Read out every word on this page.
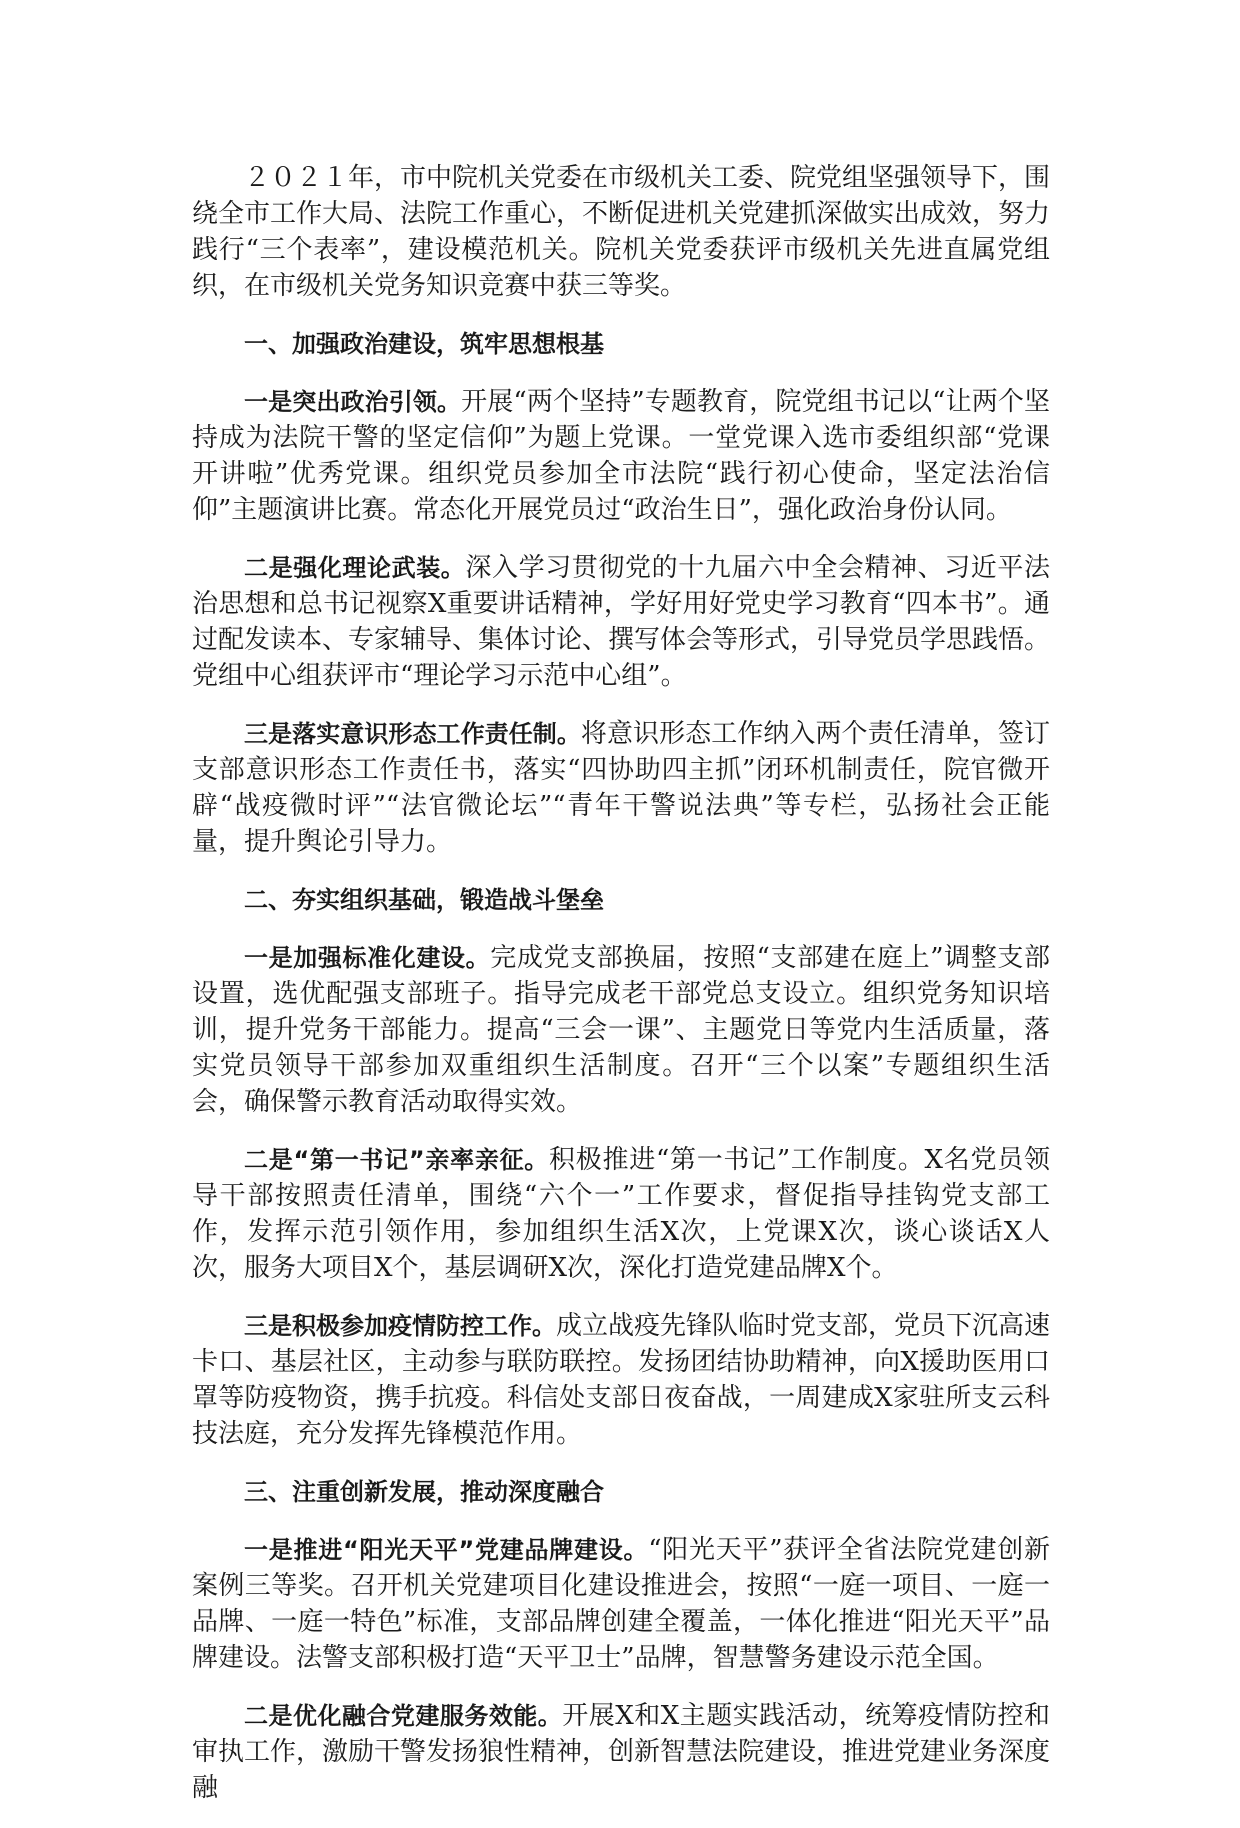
２０２１年，市中院机关党委在市级机关工委、院党组坚强领导下，围绕全市工作大局、法院工作重心，不断促进机关党建抓深做实出成效，努力践行“三个表率”，建设模范机关。院机关党委获评市级机关先进直属党组织，在市级机关党务知识竞赛中获三等奖。

一、加强政治建设，筑牢思想根基

一是突出政治引领。开展“两个坚持”专题教育，院党组书记以“让两个坚持成为法院干警的坚定信仰”为题上党课。一堂党课入选市委组织部“党课开讲啦”优秀党课。组织党员参加全市法院“践行初心使命，坚定法治信仰”主题演讲比赛。常态化开展党员过“政治生日”，强化政治身份认同。

二是强化理论武装。深入学习贯彻党的十九届六中全会精神、习近平法治思想和总书记视察X重要讲话精神，学好用好党史学习教育“四本书”。通过配发读本、专家辅导、集体讨论、撰写体会等形式，引导党员学思践悟。党组中心组获评市“理论学习示范中心组”。

三是落实意识形态工作责任制。将意识形态工作纳入两个责任清单，签订支部意识形态工作责任书，落实“四协助四主抓”闭环机制责任，院官微开辟“战疫微时评”“法官微论坛”“青年干警说法典”等专栏，弘扬社会正能量，提升舆论引导力。

二、夯实组织基础，锻造战斗堡垒

一是加强标准化建设。完成党支部换届，按照“支部建在庭上”调整支部设置，选优配强支部班子。指导完成老干部党总支设立。组织党务知识培训，提升党务干部能力。提高“三会一课”、主题党日等党内生活质量，落实党员领导干部参加双重组织生活制度。召开“三个以案”专题组织生活会，确保警示教育活动取得实效。

二是“第一书记”亲率亲征。积极推进“第一书记”工作制度。X名党员领导干部按照责任清单，围绕“六个一”工作要求，督促指导挂钩党支部工作，发挥示范引领作用，参加组织生活X次，上党课X次，谈心谈话X人次，服务大项目X个，基层调研X次，深化打造党建品牌X个。

三是积极参加疫情防控工作。成立战疫先锋队临时党支部，党员下沉高速卡口、基层社区，主动参与联防联控。发扬团结协助精神，向X援助医用口罩等防疫物资，携手抗疫。科信处支部日夜奋战，一周建成X家驻所支云科技法庭，充分发挥先锋模范作用。

三、注重创新发展，推动深度融合

一是推进“阳光天平”党建品牌建设。“阳光天平”获评全省法院党建创新案例三等奖。召开机关党建项目化建设推进会，按照“一庭一项目、一庭一品牌、一庭一特色”标准，支部品牌创建全覆盖，一体化推进“阳光天平”品牌建设。法警支部积极打造“天平卫士”品牌，智慧警务建设示范全国。

二是优化融合党建服务效能。开展X和X主题实践活动，统筹疫情防控和审执工作，激励干警发扬狼性精神，创新智慧法院建设，推进党建业务深度融
